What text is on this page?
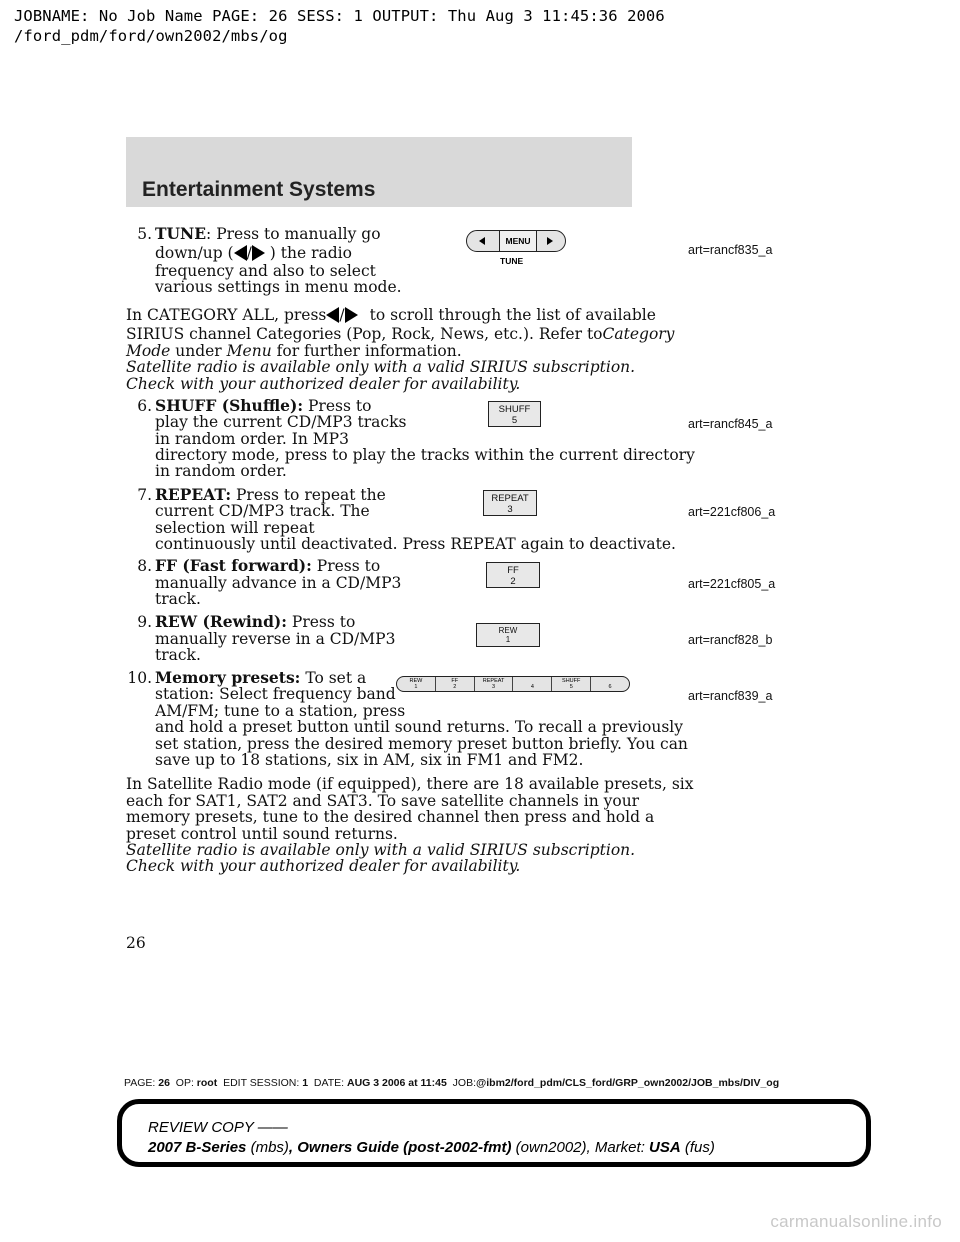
JOBNAME: No Job Name PAGE: 26 SESS: 1 OUTPUT: Thu Aug 3 11:45:36 2006
/ford_pdm/ford/own2002/mbs/og
Entertainment Systems
5. TUNE: Press to manually go
down/up ( / ) the radio
frequency and also to select
various settings in menu mode.
MENU
TUNE
art=rancf835_a
In CATEGORY ALL, press / to scroll through the list of available
SIRIUS channel Categories (Pop, Rock, News, etc.). Refer toCategory
Mode under Menu for further information.
Satellite radio is available only with a valid SIRIUS subscription.
Check with your authorized dealer for availability.
6. SHUFF (Shuffle): Press to
play the current CD/MP3 tracks
in random order. In MP3
directory mode, press to play the tracks within the current directory
in random order.
SHUFF
5	art=rancf845_a
7. REPEAT: Press to repeat the
current CD/MP3 track. The
selection will repeat
continuously until deactivated. Press REPEAT again to deactivate.
REPEAT
3	art=221cf806_a
8. FF (Fast forward): Press to
manually advance in a CD/MP3
track.
FF
2	art=221cf805_a
9. REW (Rewind): Press to
manually reverse in a CD/MP3
track.
REW
1	art=rancf828_b
10. Memory presets: To set a
station: Select frequency band
AM/FM; tune to a station, press
and hold a preset button until sound returns. To recall a previously
set station, press the desired memory preset button briefly. You can
save up to 18 stations, six in AM, six in FM1 and FM2.
REW
1
FF
2
REPEAT
3
	4
SHUFF
5
	6
art=rancf839_a
In Satellite Radio mode (if equipped), there are 18 available presets, six
each for SAT1, SAT2 and SAT3. To save satellite channels in your
memory presets, tune to the desired channel then press and hold a
preset control until sound returns.
Satellite radio is available only with a valid SIRIUS subscription.
Check with your authorized dealer for availability.
26
PAGE: 26 OP: root EDIT SESSION: 1 DATE: AUG 3 2006 at 11:45 JOB:@ibm2/ford_pdm/CLS_ford/GRP_own2002/JOB_mbs/DIV_og
REVIEW COPY ——
2007 B-Series (mbs), Owners Guide (post-2002-fmt) (own2002), Market: USA (fus)
carmanualsonline.info
